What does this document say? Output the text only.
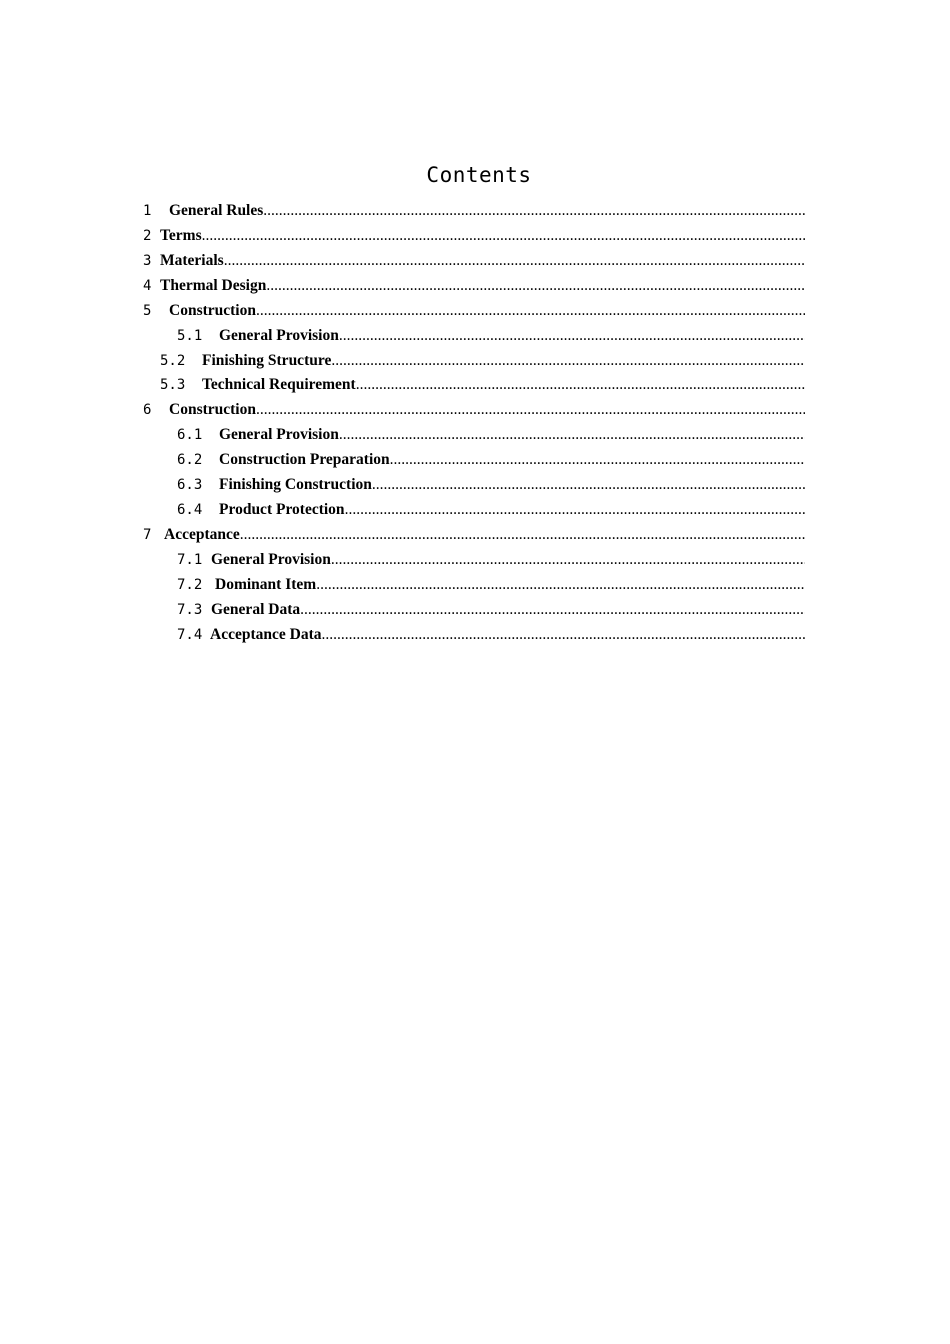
Contents
1	General Rules
.....
2 Terms
.....
3 Materials
.....
4 Thermal Design
.....
5	Construction
.....
5.1	General Provision
.....
5.2	Finishing Structure
.....
5.3	Technical Requirement
.....
6	Construction
.....
6.1	General Provision
.....
6.2	Construction Preparation
.....
6.3	Finishing Construction
.....
6.4	Product Protection
.....
7 Acceptance
.....
7.1 General Provision
.....
7.2 Dominant Item
.....
7.3 General Data
.....
7.4 Acceptance Data
.....
